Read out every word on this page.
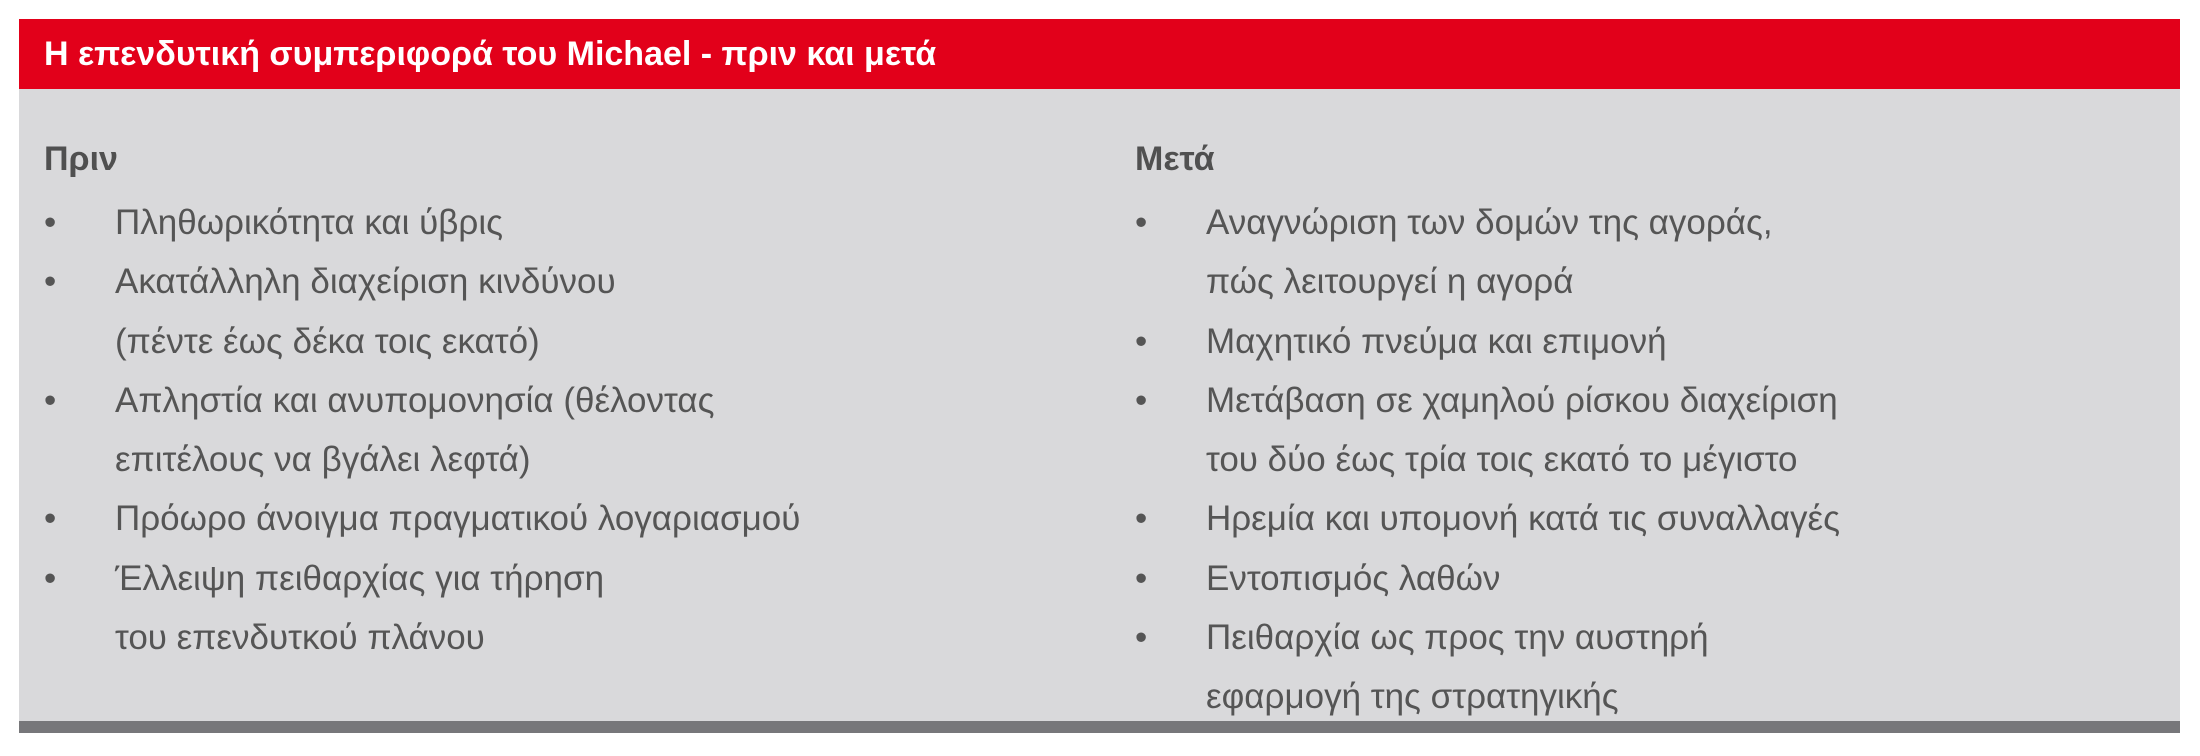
Η επενδυτική συμπεριφορά του Michael - πριν και μετά
Πριν
• Πληθωρικότητα και ύβρις
• Ακατάλληλη διαχείριση κινδύνου
(πέντε έως δέκα τοις εκατό)
• Απληστία και ανυπομονησία (θέλοντας
επιτέλους να βγάλει λεφτά)
• Πρόωρο άνοιγμα πραγματικού λογαριασμού
• Έλλειψη πειθαρχίας για τήρηση
του επενδυτκού πλάνου
Μετά
• Αναγνώριση των δομών της αγοράς,
πώς λειτουργεί η αγορά
• Μαχητικό πνεύμα και επιμονή
• Μετάβαση σε χαμηλού ρίσκου διαχείριση
του δύο έως τρία τοις εκατό το μέγιστο
• Ηρεμία και υπομονή κατά τις συναλλαγές
• Εντοπισμός λαθών
• Πειθαρχία ως προς την αυστηρή
εφαρμογή της στρατηγικής
